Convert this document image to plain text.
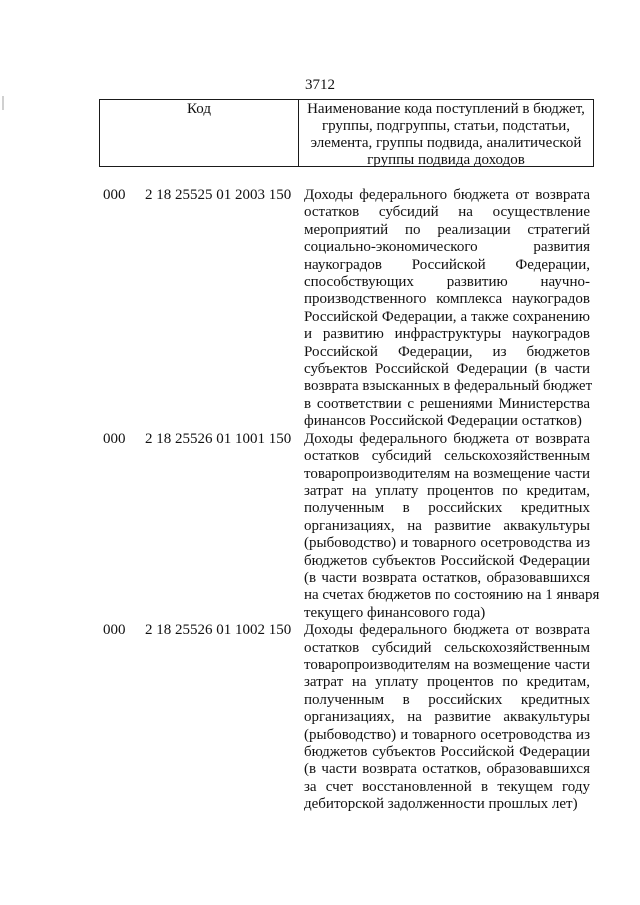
3712
Код	Наименование кода поступлений в бюджет, группы, подгруппы, статьи, подстатьи, элемента, группы подвида, аналитической группы подвида доходов
000 2 18 25525 01 2003 150 Доходы федерального бюджета от возврата
остатков субсидий на осуществление
мероприятий по реализации стратегий
социально-экономического развития
наукоградов Российской Федерации,
способствующих развитию научно-
производственного комплекса наукоградов
Российской Федерации, а также сохранению
и развитию инфраструктуры наукоградов
Российской Федерации, из бюджетов
субъектов Российской Федерации (в части
возврата взысканных в федеральный бюджет
в соответствии с решениями Министерства
финансов Российской Федерации остатков)
000 2 18 25526 01 1001 150 Доходы федерального бюджета от возврата
остатков субсидий сельскохозяйственным
товаропроизводителям на возмещение части
затрат на уплату процентов по кредитам,
полученным в российских кредитных
организациях, на развитие аквакультуры
(рыбоводство) и товарного осетроводства из
бюджетов субъектов Российской Федерации
(в части возврата остатков, образовавшихся
на счетах бюджетов по состоянию на 1 января
текущего финансового года)
000 2 18 25526 01 1002 150 Доходы федерального бюджета от возврата
остатков субсидий сельскохозяйственным
товаропроизводителям на возмещение части
затрат на уплату процентов по кредитам,
полученным в российских кредитных
организациях, на развитие аквакультуры
(рыбоводство) и товарного осетроводства из
бюджетов субъектов Российской Федерации
(в части возврата остатков, образовавшихся
за счет восстановленной в текущем году
дебиторской задолженности прошлых лет)
